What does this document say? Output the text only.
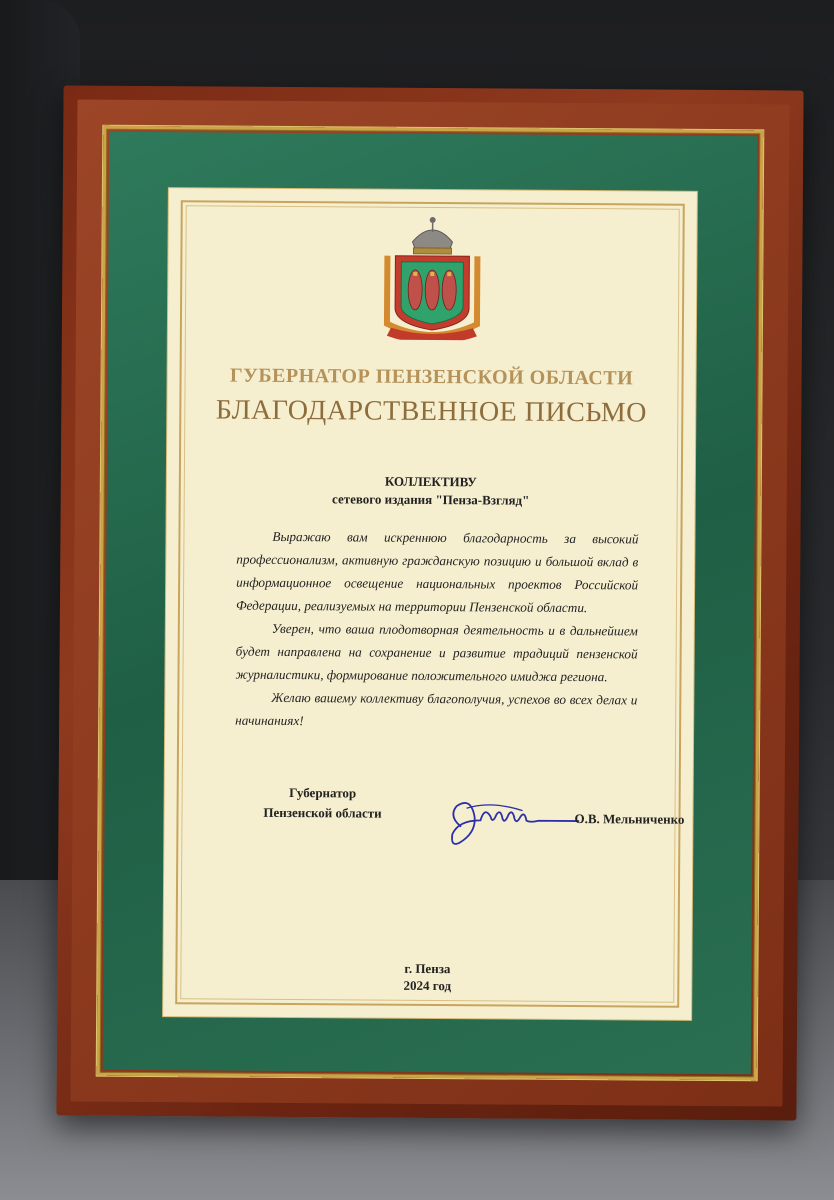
ГУБЕРНАТОР ПЕНЗЕНСКОЙ ОБЛАСТИ
БЛАГОДАРСТВЕННОЕ ПИСЬМО
КОЛЛЕКТИВУ
сетевого издания "Пенза-Взгляд"

Выражаю вам искреннюю благодарность за высокий профессионализм, активную гражданскую позицию и большой вклад в информационное освещение национальных проектов Российской Федерации, реализуемых на территории Пензенской области.

Уверен, что ваша плодотворная деятельность и в дальнейшем будет направлена на сохранение и развитие традиций пензенской журналистики, формирование положительного имиджа региона.

Желаю вашему коллективу благополучия, успехов во всех делах и начинаниях!

Губернатор
Пензенской области	О.В. Мельниченко
г. Пенза
2024 год
